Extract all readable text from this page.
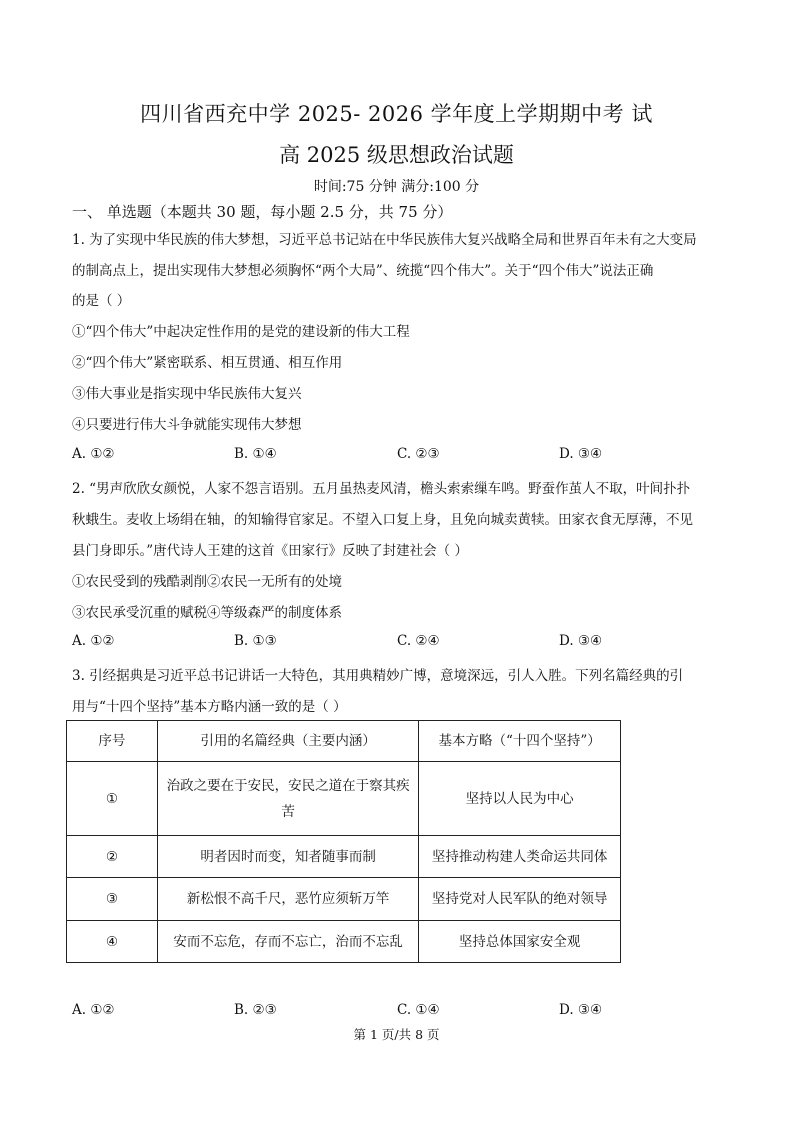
四川省西充中学 2025- 2026 学年度上学期期中考 试
高 2025 级思想政治试题
时间:75 分钟 满分:100 分
一、 单选题（本题共 30 题，每小题 2.5 分，共 75 分）
1. 为了实现中华民族的伟大梦想，习近平总书记站在中华民族伟大复兴战略全局和世界百年未有之大变局
的制高点上，提出实现伟大梦想必须胸怀“两个大局”、统揽“四个伟大”。关于“四个伟大”说法正确
的是（ ）
①“四个伟大”中起决定性作用的是党的建设新的伟大工程
②“四个伟大”紧密联系、相互贯通、相互作用
③伟大事业是指实现中华民族伟大复兴
④只要进行伟大斗争就能实现伟大梦想
A. ①②	B. ①④	C. ②③	D. ③④
2. “男声欣欣女颜悦，人家不怨言语别。五月虽热麦风清，檐头索索缫车鸣。野蚕作茧人不取，叶间扑扑
秋蛾生。麦收上场绢在轴，的知输得官家足。不望入口复上身，且免向城卖黄犊。田家衣食无厚薄，不见
县门身即乐。”唐代诗人王建的这首《田家行》反映了封建社会（ ）
①农民受到的残酷剥削②农民一无所有的处境
③农民承受沉重的赋税④等级森严的制度体系
A. ①②	B. ①③	C. ②④	D. ③④
3. 引经据典是习近平总书记讲话一大特色，其用典精妙广博，意境深远，引人入胜。下列名篇经典的引
用与“十四个坚持”基本方略内涵一致的是（ ）
序号	引用的名篇经典（主要内涵）	基本方略（“十四个坚持”）
①	治政之要在于安民，安民之道在于察其疾苦	坚持以人民为中心
②	明者因时而变，知者随事而制	坚持推动构建人类命运共同体
③	新松恨不高千尺，恶竹应须斩万竿	坚持党对人民军队的绝对领导
④	安而不忘危，存而不忘亡，治而不忘乱	坚持总体国家安全观
A. ①②	B. ②③	C. ①④	D. ③④
第 1 页/共 8 页
